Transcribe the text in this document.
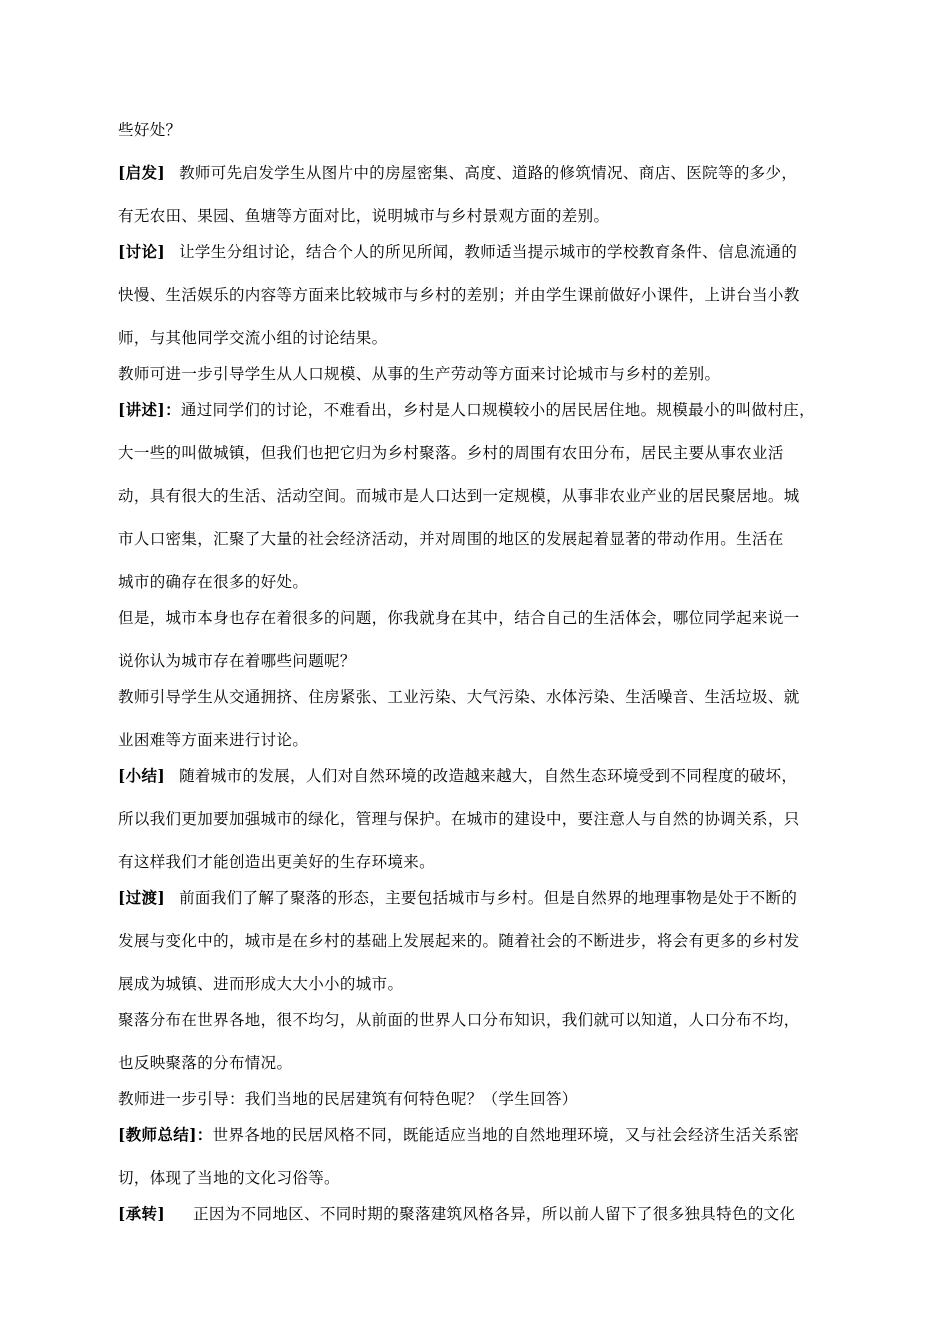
些好处？
[启发] 教师可先启发学生从图片中的房屋密集、高度、道路的修筑情况、商店、医院等的多少，
有无农田、果园、鱼塘等方面对比，说明城市与乡村景观方面的差别。
[讨论] 让学生分组讨论，结合个人的所见所闻，教师适当提示城市的学校教育条件、信息流通的
快慢、生活娱乐的内容等方面来比较城市与乡村的差别；并由学生课前做好小课件，上讲台当小教
师，与其他同学交流小组的讨论结果。
教师可进一步引导学生从人口规模、从事的生产劳动等方面来讨论城市与乡村的差别。
[讲述]：通过同学们的讨论，不难看出，乡村是人口规模较小的居民居住地。规模最小的叫做村庄，
大一些的叫做城镇，但我们也把它归为乡村聚落。乡村的周围有农田分布，居民主要从事农业活
动，具有很大的生活、活动空间。而城市是人口达到一定规模，从事非农业产业的居民聚居地。城
市人口密集，汇聚了大量的社会经济活动，并对周围的地区的发展起着显著的带动作用。生活在
城市的确存在很多的好处。
但是，城市本身也存在着很多的问题，你我就身在其中，结合自己的生活体会，哪位同学起来说一
说你认为城市存在着哪些问题呢？
教师引导学生从交通拥挤、住房紧张、工业污染、大气污染、水体污染、生活噪音、生活垃圾、就
业困难等方面来进行讨论。
[小结] 随着城市的发展，人们对自然环境的改造越来越大，自然生态环境受到不同程度的破坏，
所以我们更加要加强城市的绿化，管理与保护。在城市的建设中，要注意人与自然的协调关系，只
有这样我们才能创造出更美好的生存环境来。
[过渡] 前面我们了解了聚落的形态，主要包括城市与乡村。但是自然界的地理事物是处于不断的
发展与变化中的，城市是在乡村的基础上发展起来的。随着社会的不断进步，将会有更多的乡村发
展成为城镇、进而形成大大小小的城市。
聚落分布在世界各地，很不均匀，从前面的世界人口分布知识，我们就可以知道，人口分布不均，
也反映聚落的分布情况。
教师进一步引导：我们当地的民居建筑有何特色呢？（学生回答）
[教师总结]：世界各地的民居风格不同，既能适应当地的自然地理环境，又与社会经济生活关系密
切，体现了当地的文化习俗等。
[承转] 正因为不同地区、不同时期的聚落建筑风格各异，所以前人留下了很多独具特色的文化
